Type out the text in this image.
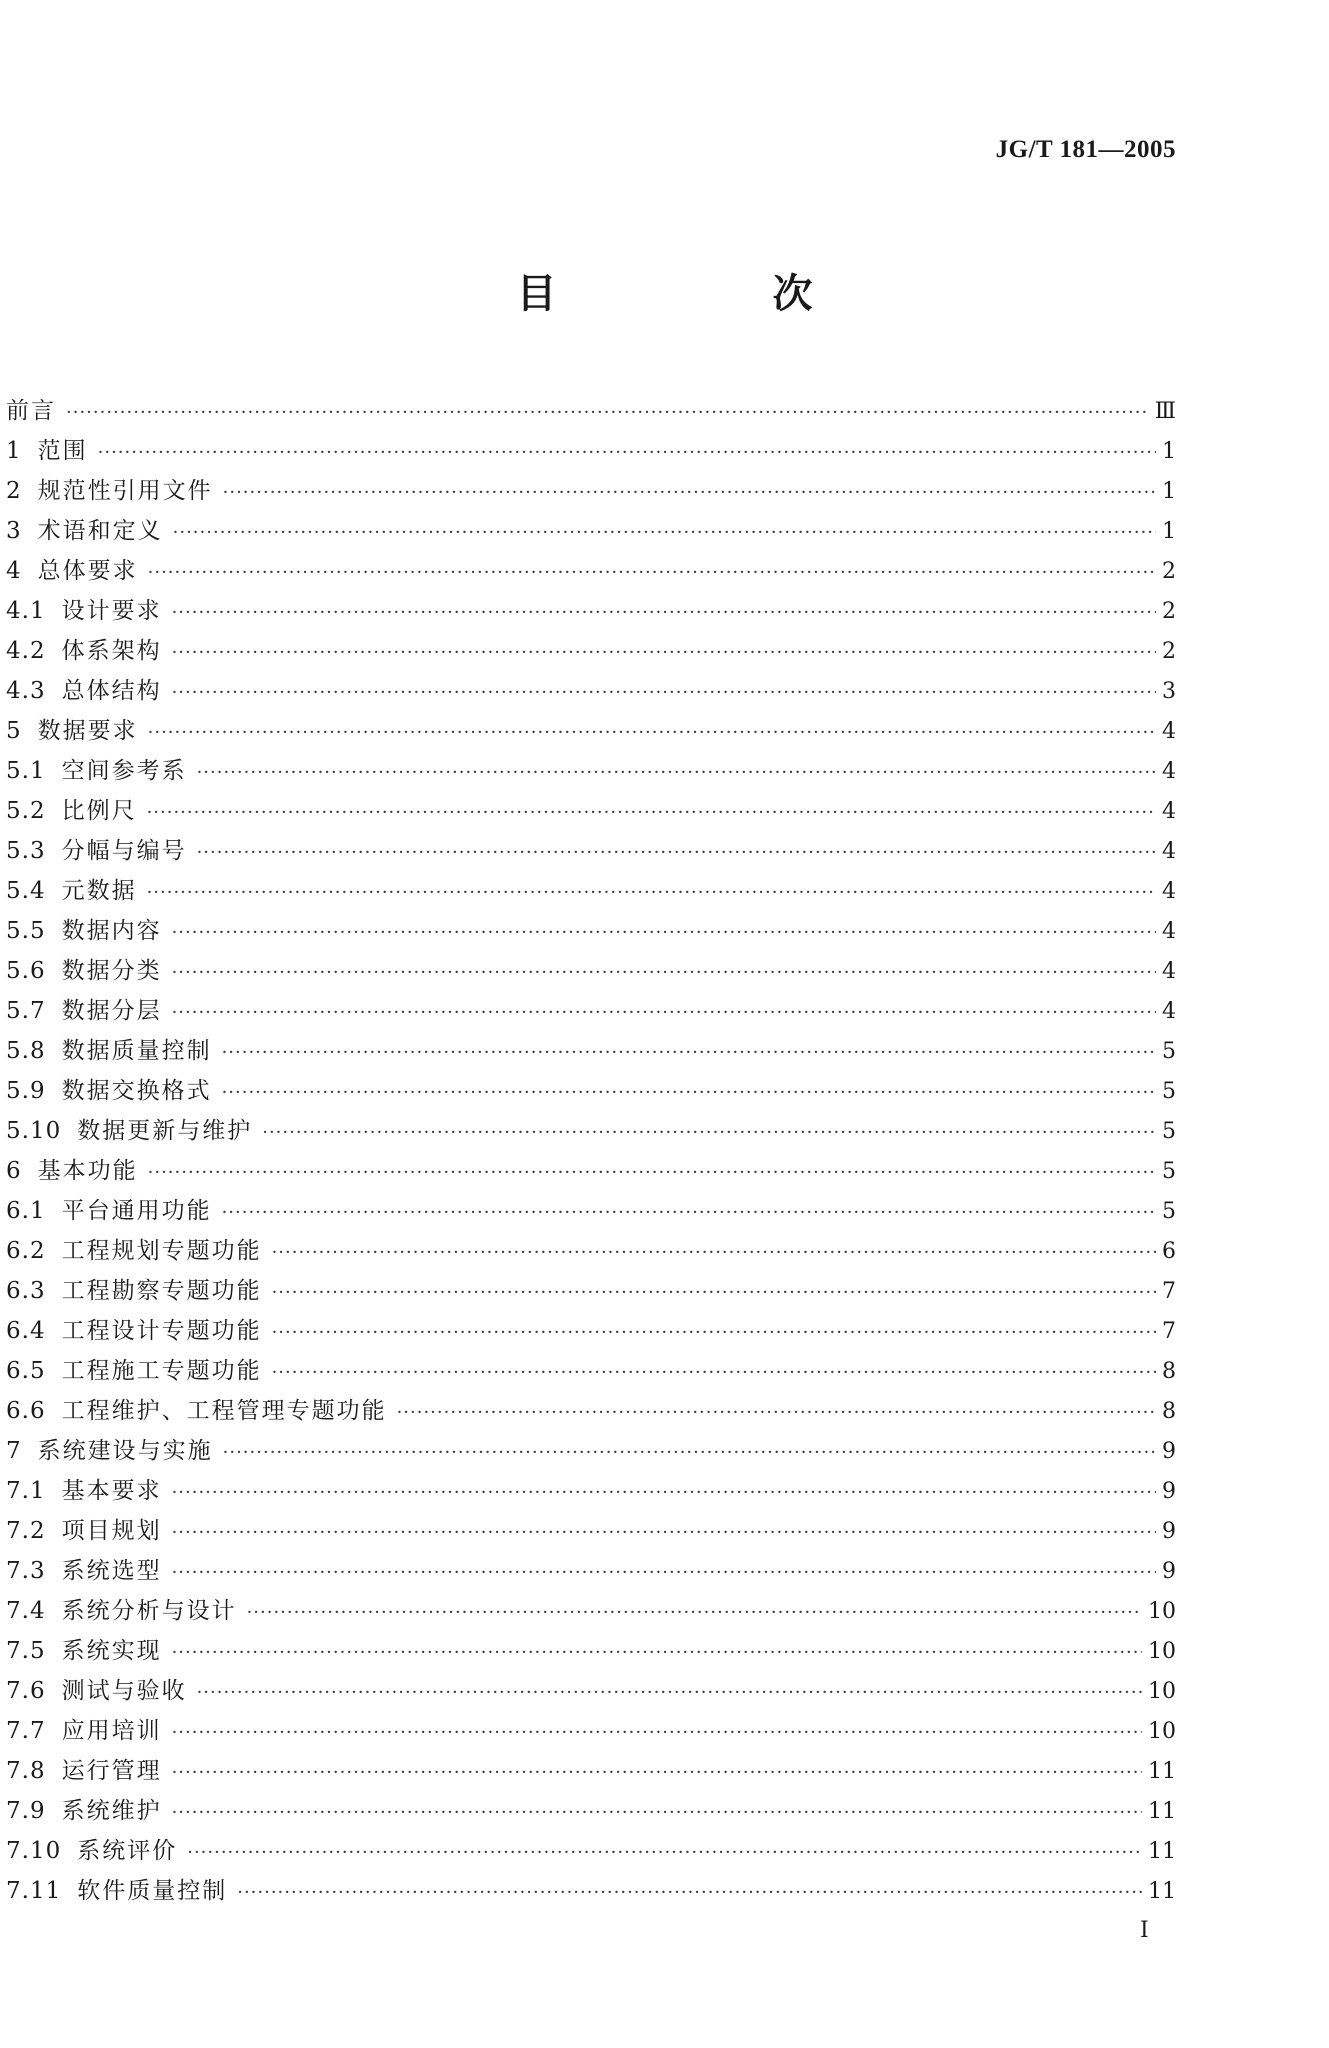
JG/T 181—2005
目　次
前言 ·····	Ⅲ
1 范围 ·····	1
2 规范性引用文件 ·····	1
3 术语和定义 ·····	1
4 总体要求 ·····	2
4.1 设计要求 ·····	2
4.2 体系架构 ·····	2
4.3 总体结构 ·····	3
5 数据要求 ·····	4
5.1 空间参考系 ·····	4
5.2 比例尺 ·····	4
5.3 分幅与编号 ·····	4
5.4 元数据 ·····	4
5.5 数据内容 ·····	4
5.6 数据分类 ·····	4
5.7 数据分层 ·····	4
5.8 数据质量控制 ·····	5
5.9 数据交换格式 ·····	5
5.10 数据更新与维护 ·····	5
6 基本功能 ·····	5
6.1 平台通用功能 ·····	5
6.2 工程规划专题功能 ·····	6
6.3 工程勘察专题功能 ·····	7
6.4 工程设计专题功能 ·····	7
6.5 工程施工专题功能 ·····	8
6.6 工程维护、工程管理专题功能 ·····	8
7 系统建设与实施 ·····	9
7.1 基本要求 ·····	9
7.2 项目规划 ·····	9
7.3 系统选型 ·····	9
7.4 系统分析与设计 ·····	10
7.5 系统实现 ·····	10
7.6 测试与验收 ·····	10
7.7 应用培训 ·····	10
7.8 运行管理 ·····	11
7.9 系统维护 ·····	11
7.10 系统评价 ·····	11
7.11 软件质量控制 ·····	11
I
